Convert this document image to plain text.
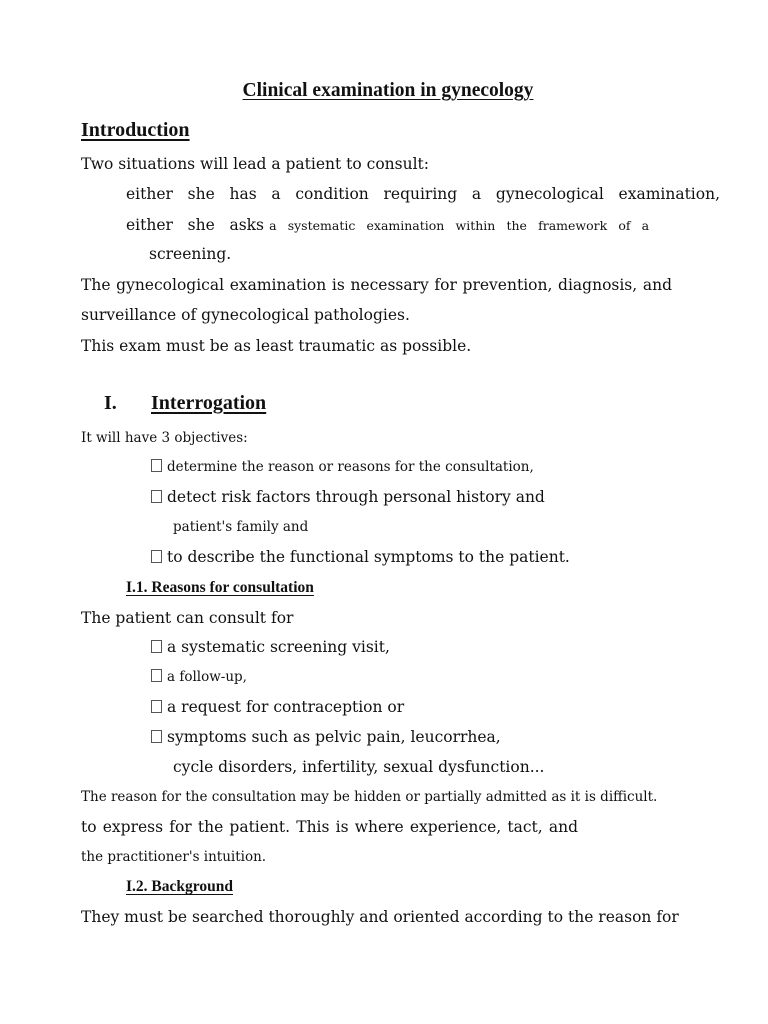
Clinical examination in gynecology
Introduction
Two situations will lead a patient to consult:
either she has a condition requiring a gynecological examination,
either she asks a systematic examination within the framework of a
screening.
The gynecological examination is necessary for prevention, diagnosis, and
surveillance of gynecological pathologies.
This exam must be as least traumatic as possible.
I. Interrogation
It will have 3 objectives:
determine the reason or reasons for the consultation,
detect risk factors through personal history and
patient's family and
to describe the functional symptoms to the patient.
I.1. Reasons for consultation
The patient can consult for
a systematic screening visit,
a follow-up,
a request for contraception or
symptoms such as pelvic pain, leucorrhea,
cycle disorders, infertility, sexual dysfunction...
The reason for the consultation may be hidden or partially admitted as it is difficult.
to express for the patient. This is where experience, tact, and
the practitioner's intuition.
I.2. Background
They must be searched thoroughly and oriented according to the reason for
